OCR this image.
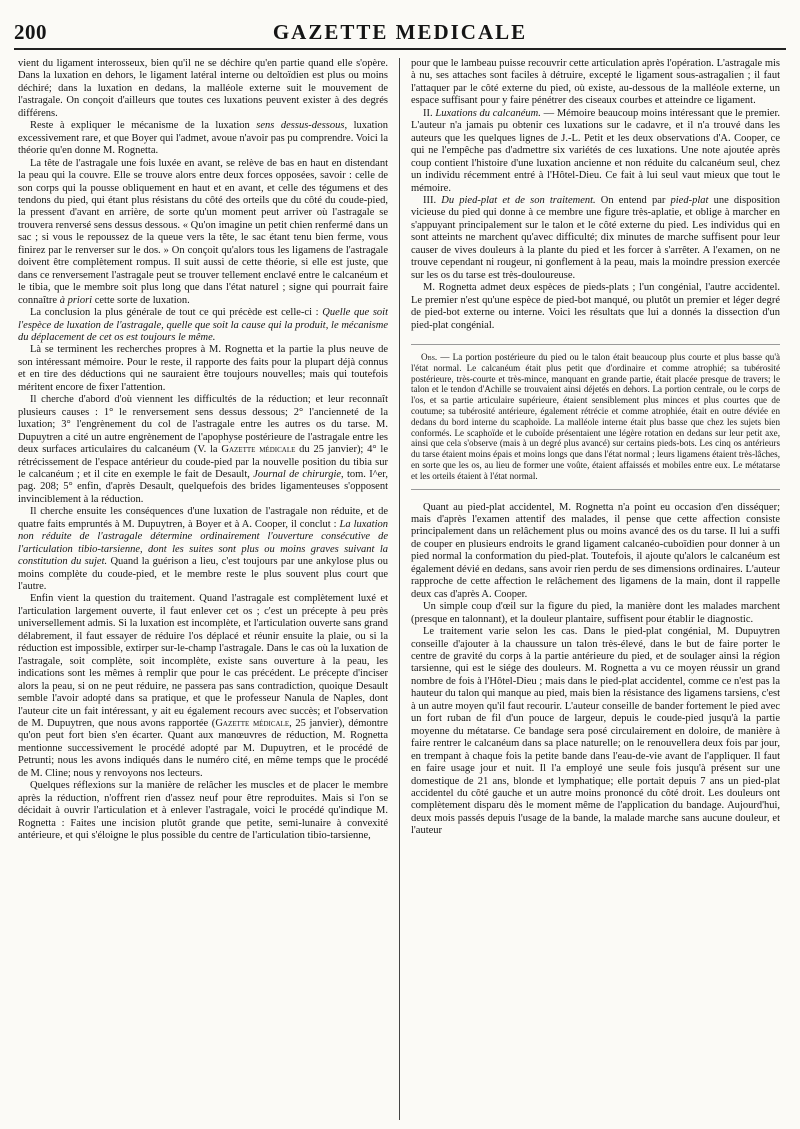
200	GAZETTE MEDICALE

vient du ligament interosseux, bien qu'il ne se déchire qu'en partie quand elle s'opère. Dans la luxation en dehors, le ligament latéral interne ou deltoïdien est plus ou moins déchiré; dans la luxation en dedans, la malléole externe suit le mouvement de l'astragale. On conçoit d'ailleurs que toutes ces luxations peuvent exister à des degrés différens.

Reste à expliquer le mécanisme de la luxation sens dessus-dessous, luxation excessivement rare, et que Boyer qui l'admet, avoue n'avoir pas pu comprendre. Voici la théorie qu'en donne M. Rognetta.

La tête de l'astragale une fois luxée en avant, se relève de bas en haut en distendant la peau qui la couvre. Elle se trouve alors entre deux forces opposées, savoir : celle de son corps qui la pousse obliquement en haut et en avant, et celle des tégumens et des tendons du pied, qui étant plus résistans du côté des orteils que du côté du coude-pied, la pressent d'avant en arrière, de sorte qu'un moment peut arriver où l'astragale se trouvera renversé sens dessus dessous. « Qu'on imagine un petit chien renfermé dans un sac ; si vous le repoussez de la queue vers la tête, le sac étant tenu bien ferme, vous finirez par le renverser sur le dos. » On conçoit qu'alors tous les ligamens de l'astragale doivent être complètement rompus. Il suit aussi de cette théorie, si elle est juste, que dans ce renversement l'astragale peut se trouver tellement enclavé entre le calcanéum et le tibia, que le membre soit plus long que dans l'état naturel ; signe qui pourrait faire connaître à priori cette sorte de luxation.

La conclusion la plus générale de tout ce qui précède est celle-ci : Quelle que soit l'espèce de luxation de l'astragale, quelle que soit la cause qui la produit, le mécanisme du déplacement de cet os est toujours le même.

Là se terminent les recherches propres à M. Rognetta et la partie la plus neuve de son intéressant mémoire. Pour le reste, il rapporte des faits pour la plupart déjà connus et en tire des déductions qui ne sauraient être toujours nouvelles; mais qui toutefois méritent encore de fixer l'attention.

Il cherche d'abord d'où viennent les difficultés de la réduction; et leur reconnaît plusieurs causes : 1° le renversement sens dessus dessous; 2° l'ancienneté de la luxation; 3° l'engrènement du col de l'astragale entre les autres os du tarse. M. Dupuytren a cité un autre engrènement de l'apophyse postérieure de l'astragale entre les deux surfaces articulaires du calcanéum (V. la Gazette médicale du 25 janvier); 4° le rétrécissement de l'espace antérieur du coude-pied par la nouvelle position du tibia sur le calcanéum ; et il cite en exemple le fait de Desault, Journal de chirurgie, tom. I^er, pag. 208; 5° enfin, d'après Desault, quelquefois des brides ligamenteuses s'opposent invinciblement à la réduction.

Il cherche ensuite les conséquences d'une luxation de l'astragale non réduite, et de quatre faits empruntés à M. Dupuytren, à Boyer et à A. Cooper, il conclut : La luxation non réduite de l'astragale détermine ordinairement l'ouverture consécutive de l'articulation tibio-tarsienne, dont les suites sont plus ou moins graves suivant la constitution du sujet. Quand la guérison a lieu, c'est toujours par une ankylose plus ou moins complète du coude-pied, et le membre reste le plus souvent plus court que l'autre.

Enfin vient la question du traitement. Quand l'astragale est complètement luxé et l'articulation largement ouverte, il faut enlever cet os ; c'est un précepte à peu près universellement admis. Si la luxation est incomplète, et l'articulation ouverte sans grand délabrement, il faut essayer de réduire l'os déplacé et réunir ensuite la plaie, ou si la réduction est impossible, extirper sur-le-champ l'astragale. Dans le cas où la luxation de l'astragale, soit complète, soit incomplète, existe sans ouverture à la peau, les indications sont les mêmes à remplir que pour le cas précédent. Le précepte d'inciser alors la peau, si on ne peut réduire, ne passera pas sans contradiction, quoique Desault semble l'avoir adopté dans sa pratique, et que le professeur Nanula de Naples, dont l'auteur cite un fait intéressant, y ait eu également recours avec succès; et l'observation de M. Dupuytren, que nous avons rapportée (Gazette médicale, 25 janvier), démontre qu'on peut fort bien s'en écarter. Quant aux manœuvres de réduction, M. Rognetta mentionne successivement le procédé adopté par M. Dupuytren, et le procédé de Petrunti; nous les avons indiqués dans le numéro cité, en même temps que le procédé de M. Cline; nous y renvoyons nos lecteurs.

Quelques réflexions sur la manière de relâcher les muscles et de placer le membre après la réduction, n'offrent rien d'assez neuf pour être reproduites. Mais si l'on se décidait à ouvrir l'articulation et à enlever l'astragale, voici le procédé qu'indique M. Rognetta : Faites une incision plutôt grande que petite, semi-lunaire à convexité antérieure, et qui s'éloigne le plus possible du centre de l'articulation tibio-tarsienne,

pour que le lambeau puisse recouvrir cette articulation après l'opération. L'astragale mis à nu, ses attaches sont faciles à détruire, excepté le ligament sous-astragalien ; il faut l'attaquer par le côté externe du pied, où existe, au-dessous de la malléole externe, un espace suffisant pour y faire pénétrer des ciseaux courbes et atteindre ce ligament.

II. Luxations du calcanéum. — Mémoire beaucoup moins intéressant que le premier. L'auteur n'a jamais pu obtenir ces luxations sur le cadavre, et il n'a trouvé dans les auteurs que les quelques lignes de J.-L. Petit et les deux observations d'A. Cooper, ce qui ne l'empêche pas d'admettre six variétés de ces luxations. Une note ajoutée après coup contient l'histoire d'une luxation ancienne et non réduite du calcanéum seul, chez un individu récemment entré à l'Hôtel-Dieu. Ce fait à lui seul vaut mieux que tout le mémoire.

III. Du pied-plat et de son traitement. On entend par pied-plat une disposition vicieuse du pied qui donne à ce membre une figure très-aplatie, et oblige à marcher en s'appuyant principalement sur le talon et le côté externe du pied. Les individus qui en sont atteints ne marchent qu'avec difficulté; dix minutes de marche suffisent pour leur causer de vives douleurs à la plante du pied et les forcer à s'arrêter. A l'examen, on ne trouve cependant ni rougeur, ni gonflement à la peau, mais la moindre pression exercée sur les os du tarse est très-douloureuse.

M. Rognetta admet deux espèces de pieds-plats ; l'un congénial, l'autre accidentel. Le premier n'est qu'une espèce de pied-bot manqué, ou plutôt un premier et léger degré de pied-bot externe ou interne. Voici les résultats que lui a donnés la dissection d'un pied-plat congénial.

Obs. — La portion postérieure du pied ou le talon était beaucoup plus courte et plus basse qu'à l'état normal. Le calcanéum était plus petit que d'ordinaire et comme atrophié; sa tubérosité postérieure, très-courte et très-mince, manquant en grande partie, était placée presque de travers; le talon et le tendon d'Achille se trouvaient ainsi déjetés en dehors. La portion centrale, ou le corps de l'os, et sa partie articulaire supérieure, étaient sensiblement plus minces et plus courtes que de coutume; sa tubérosité antérieure, également rétrécie et comme atrophiée, était en outre déviée en dedans du bord interne du scaphoïde. La malléole interne était plus basse que chez les sujets bien conformés. Le scaphoïde et le cuboïde présentaient une légère rotation en dedans sur leur petit axe, ainsi que cela s'observe (mais à un degré plus avancé) sur certains pieds-bots. Les cinq os antérieurs du tarse étaient moins épais et moins longs que dans l'état normal ; leurs ligamens étaient très-lâches, en sorte que les os, au lieu de former une voûte, étaient affaissés et mobiles entre eux. Le métatarse et les orteils étaient à l'état normal.

Quant au pied-plat accidentel, M. Rognetta n'a point eu occasion d'en disséquer; mais d'après l'examen attentif des malades, il pense que cette affection consiste principalement dans un relâchement plus ou moins avancé des os du tarse. Il lui a suffi de couper en plusieurs endroits le grand ligament calcanéo-cuboïdien pour donner à un pied normal la conformation du pied-plat. Toutefois, il ajoute qu'alors le calcanéum est également dévié en dedans, sans avoir rien perdu de ses dimensions ordinaires. L'auteur rapproche de cette affection le relâchement des ligamens de la main, dont il rappelle deux cas d'après A. Cooper.

Un simple coup d'œil sur la figure du pied, la manière dont les malades marchent (presque en talonnant), et la douleur plantaire, suffisent pour établir le diagnostic.

Le traitement varie selon les cas. Dans le pied-plat congénial, M. Dupuytren conseille d'ajouter à la chaussure un talon très-élevé, dans le but de faire porter le centre de gravité du corps à la partie antérieure du pied, et de soulager ainsi la région tarsienne, qui est le siége des douleurs. M. Rognetta a vu ce moyen réussir un grand nombre de fois à l'Hôtel-Dieu ; mais dans le pied-plat accidentel, comme ce n'est pas la hauteur du talon qui manque au pied, mais bien la résistance des ligamens tarsiens, c'est à un autre moyen qu'il faut recourir. L'auteur conseille de bander fortement le pied avec un fort ruban de fil d'un pouce de largeur, depuis le coude-pied jusqu'à la partie moyenne du métatarse. Ce bandage sera posé circulairement en doloire, de manière à faire rentrer le calcanéum dans sa place naturelle; on le renouvellera deux fois par jour, en trempant à chaque fois la petite bande dans l'eau-de-vie avant de l'appliquer. Il faut en faire usage jour et nuit. Il l'a employé une seule fois jusqu'à présent sur une domestique de 21 ans, blonde et lymphatique; elle portait depuis 7 ans un pied-plat accidentel du côté gauche et un autre moins prononcé du côté droit. Les douleurs ont complètement disparu dès le moment même de l'application du bandage. Aujourd'hui, deux mois passés depuis l'usage de la bande, la malade marche sans aucune douleur, et l'auteur
